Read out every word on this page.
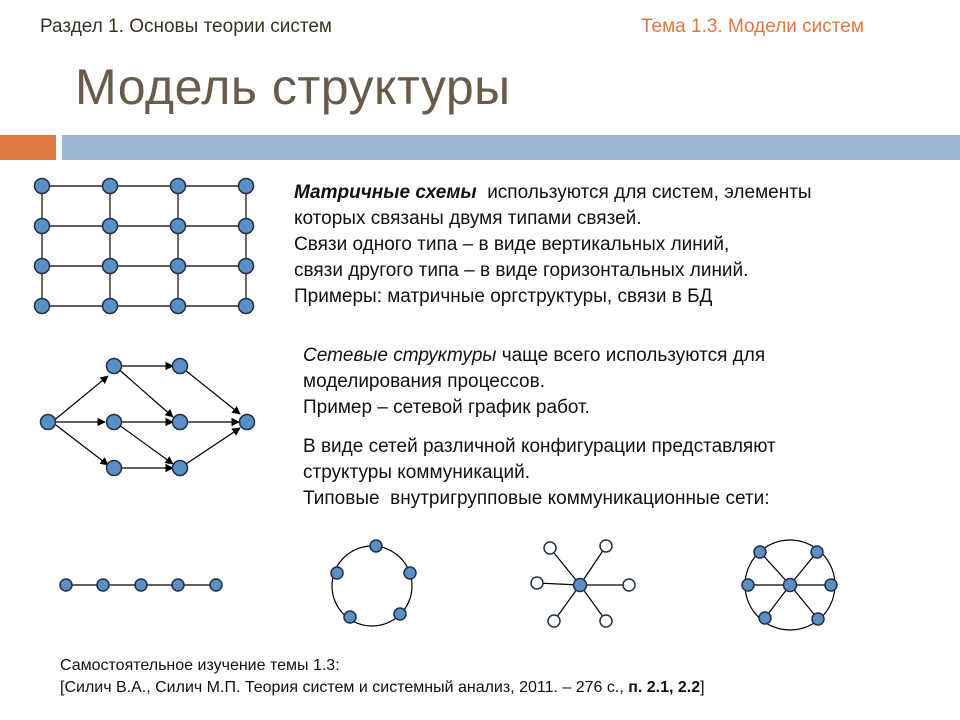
Раздел 1. Основы теории систем	Тема 1.3. Модели систем
Модель структуры

Матричные схемы используются для систем, элементы

которых связаны двумя типами связей.

Связи одного типа – в виде вертикальных линий,

связи другого типа – в виде горизонтальных линий.

Примеры: матричные оргструктуры, связи в БД

Сетевые структуры чаще всего используются для

моделирования процессов.

Пример – сетевой график работ.

В виде сетей различной конфигурации представляют

структуры коммуникаций.

Типовые  внутригрупповые коммуникационные сети:

Самостоятельное изучение темы 1.3:

[Силич В.А., Силич М.П. Теория систем и системный анализ, 2011. – 276 с., п. 2.1, 2.2]
